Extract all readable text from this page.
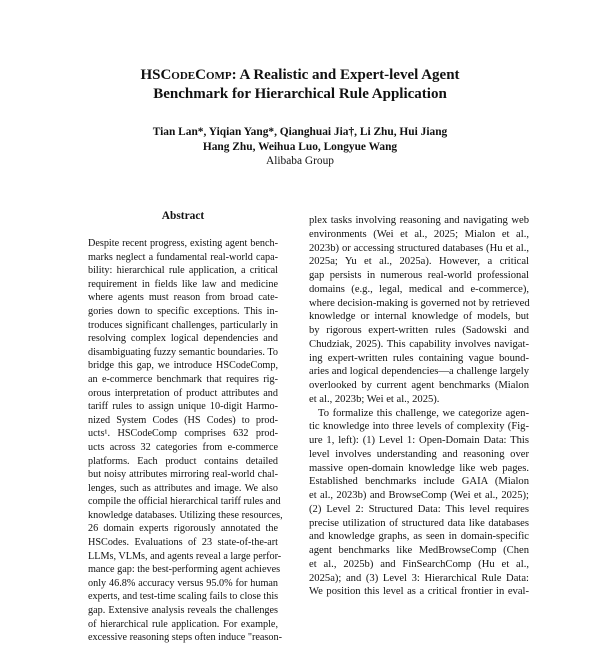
HSCodeComp: A Realistic and Expert-level Agent
Benchmark for Hierarchical Rule Application
Tian Lan*, Yiqian Yang*, Qianghuai Jia†, Li Zhu, Hui Jiang
Hang Zhu, Weihua Luo, Longyue Wang
Alibaba Group
Abstract
Despite recent progress, existing agent bench-
marks neglect a fundamental real-world capa-
bility: hierarchical rule application, a critical
requirement in fields like law and medicine
where agents must reason from broad cate-
gories down to specific exceptions. This in-
troduces significant challenges, particularly in
resolving complex logical dependencies and
disambiguating fuzzy semantic boundaries. To
bridge this gap, we introduce HSCodeComp,
an e-commerce benchmark that requires rig-
orous interpretation of product attributes and
tariff rules to assign unique 10-digit Harmo-
nized System Codes (HS Codes) to prod-
ucts¹. HSCodeComp comprises 632 prod-
ucts across 32 categories from e-commerce
platforms. Each product contains detailed
but noisy attributes mirroring real-world chal-
lenges, such as attributes and image. We also
compile the official hierarchical tariff rules and
knowledge databases. Utilizing these resources,
26 domain experts rigorously annotated the
HSCodes. Evaluations of 23 state-of-the-art
LLMs, VLMs, and agents reveal a large perfor-
mance gap: the best-performing agent achieves
only 46.8% accuracy versus 95.0% for human
experts, and test-time scaling fails to close this
gap. Extensive analysis reveals the challenges
of hierarchical rule application. For example,
excessive reasoning steps often induce "reason-
plex tasks involving reasoning and navigating web
environments (Wei et al., 2025; Mialon et al.,
2023b) or accessing structured databases (Hu et al.,
2025a; Yu et al., 2025a). However, a critical
gap persists in numerous real-world professional
domains (e.g., legal, medical and e-commerce),
where decision-making is governed not by retrieved
knowledge or internal knowledge of models, but
by rigorous expert-written rules (Sadowski and
Chudziak, 2025). This capability involves navigat-
ing expert-written rules containing vague bound-
aries and logical dependencies—a challenge largely
overlooked by current agent benchmarks (Mialon
et al., 2023b; Wei et al., 2025).
To formalize this challenge, we categorize agen-
tic knowledge into three levels of complexity (Fig-
ure 1, left): (1) Level 1: Open-Domain Data: This
level involves understanding and reasoning over
massive open-domain knowledge like web pages.
Established benchmarks include GAIA (Mialon
et al., 2023b) and BrowseComp (Wei et al., 2025);
(2) Level 2: Structured Data: This level requires
precise utilization of structured data like databases
and knowledge graphs, as seen in domain-specific
agent benchmarks like MedBrowseComp (Chen
et al., 2025b) and FinSearchComp (Hu et al.,
2025a); and (3) Level 3: Hierarchical Rule Data:
We position this level as a critical frontier in eval-
